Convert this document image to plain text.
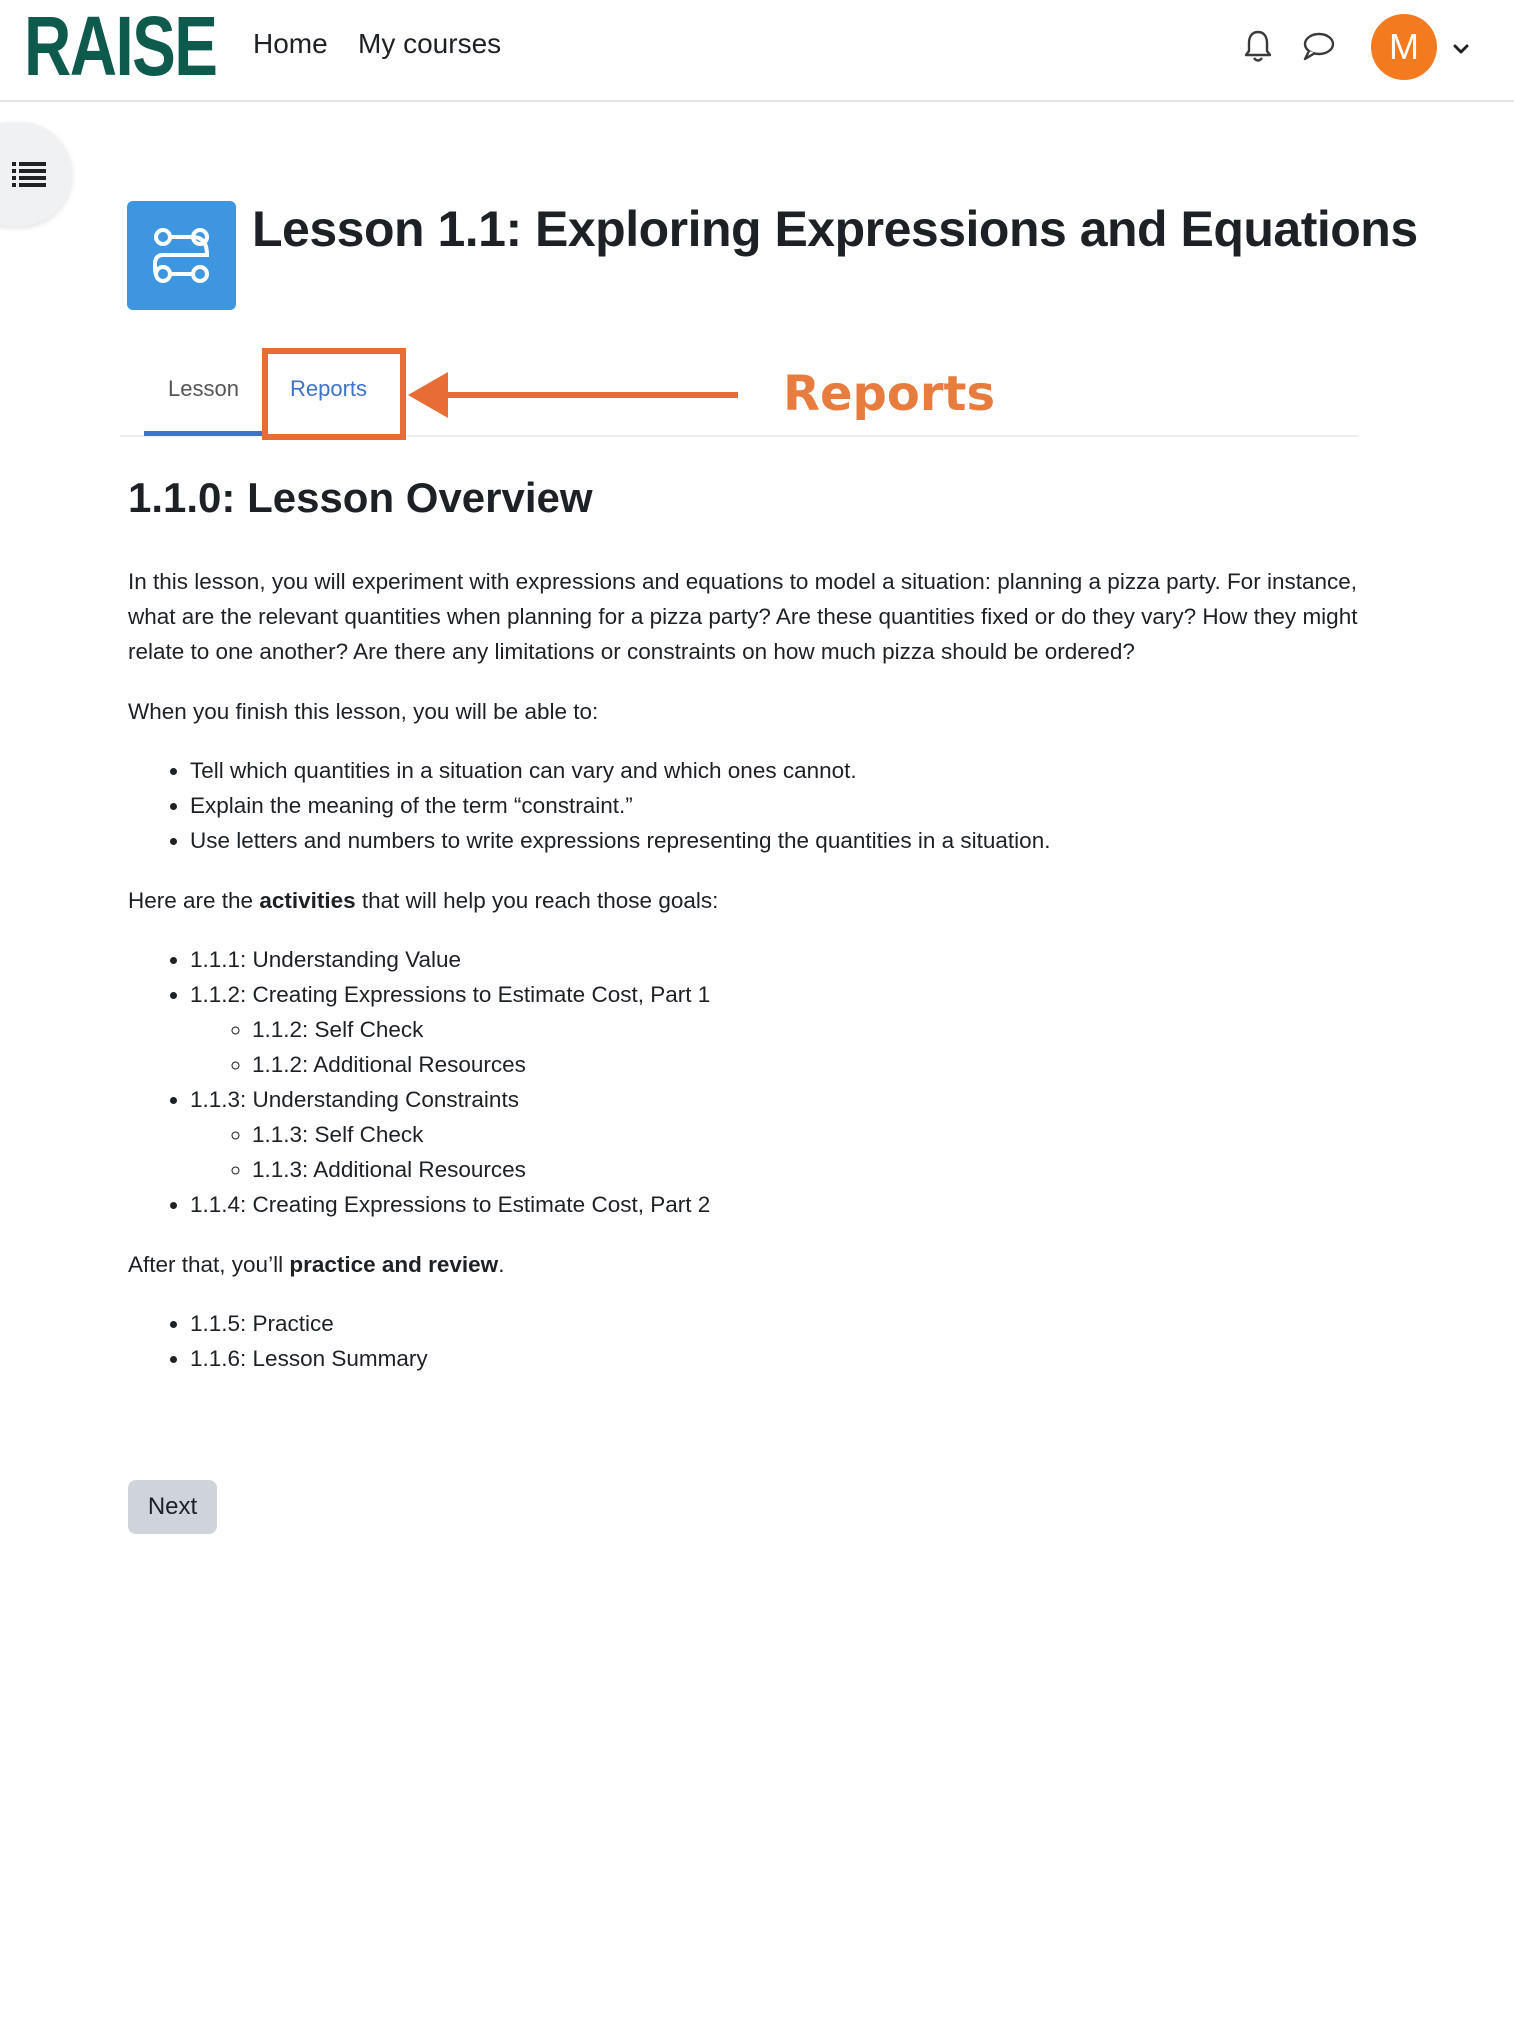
RAISE Home My courses	M
Lesson 1.1: Exploring Expressions and Equations
Lesson Reports	Reports
1.1.0: Lesson Overview

In this lesson, you will experiment with expressions and equations to model a situation: planning a pizza party. For instance, what are the relevant quantities when planning for a pizza party? Are these quantities fixed or do they vary? How they might relate to one another? Are there any limitations or constraints on how much pizza should be ordered?

When you finish this lesson, you will be able to:

• Tell which quantities in a situation can vary and which ones cannot.
• Explain the meaning of the term “constraint.”
• Use letters and numbers to write expressions representing the quantities in a situation.

Here are the activities that will help you reach those goals:

• 1.1.1: Understanding Value
• 1.1.2: Creating Expressions to Estimate Cost, Part 1
◦ 1.1.2: Self Check
◦ 1.1.2: Additional Resources
• 1.1.3: Understanding Constraints
◦ 1.1.3: Self Check
◦ 1.1.3: Additional Resources
• 1.1.4: Creating Expressions to Estimate Cost, Part 2

After that, you’ll practice and review.

• 1.1.5: Practice
• 1.1.6: Lesson Summary
Next
